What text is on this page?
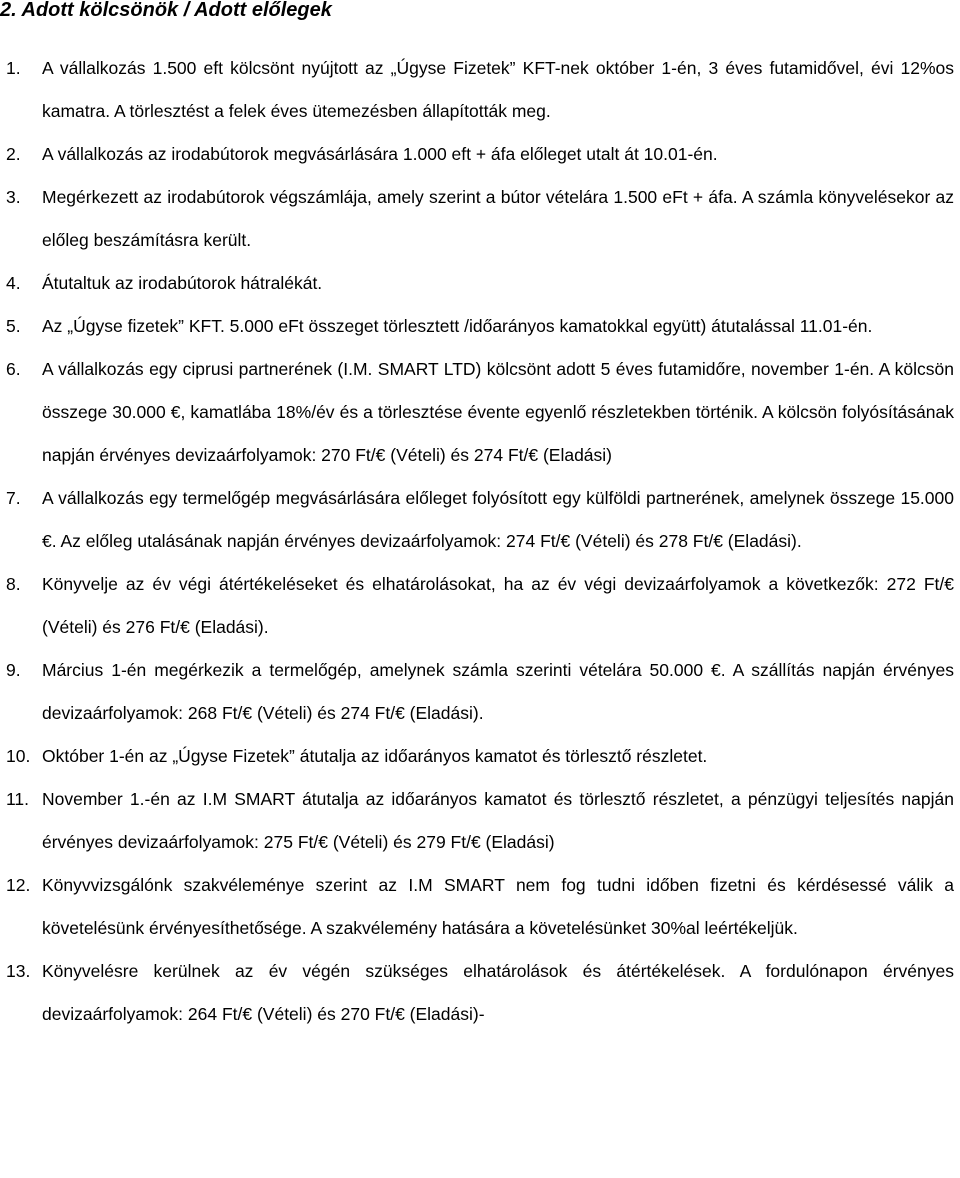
2. Adott kölcsönök / Adott előlegek
1.	A vállalkozás 1.500 eft kölcsönt nyújtott az „Úgyse Fizetek” KFT-nek október 1-én, 3 éves futamidővel, évi 12%os kamatra. A törlesztést a felek éves ütemezésben állapították meg.
2.	A vállalkozás az irodabútorok megvásárlására 1.000 eft + áfa előleget utalt át 10.01-én.
3.	Megérkezett az irodabútorok végszámlája, amely szerint a bútor vételára 1.500 eFt + áfa. A számla könyvelésekor az előleg beszámításra került.
4.	Átutaltuk az irodabútorok hátralékát.
5.	Az „Úgyse fizetek” KFT. 5.000 eFt összeget törlesztett /időarányos kamatokkal együtt) átutalással 11.01-én.
6.	A vállalkozás egy ciprusi partnerének (I.M. SMART LTD) kölcsönt adott 5 éves futamidőre, november 1-én. A kölcsön összege 30.000 €, kamatlába 18%/év és a törlesztése évente egyenlő részletekben történik. A kölcsön folyósításának napján érvényes devizaárfolyamok: 270 Ft/€ (Vételi) és 274 Ft/€ (Eladási)
7.	A vállalkozás egy termelőgép megvásárlására előleget folyósított egy külföldi partnerének, amelynek összege 15.000 €. Az előleg utalásának napján érvényes devizaárfolyamok: 274 Ft/€ (Vételi) és 278 Ft/€ (Eladási).
8.	Könyvelje az év végi átértékeléseket és elhatárolásokat, ha az év végi devizaárfolyamok a következők: 272 Ft/€ (Vételi) és 276 Ft/€ (Eladási).
9.	Március 1-én megérkezik a termelőgép, amelynek számla szerinti vételára 50.000 €. A szállítás napján érvényes devizaárfolyamok: 268 Ft/€ (Vételi) és 274 Ft/€ (Eladási).
10. Október 1-én az „Úgyse Fizetek” átutalja az időarányos kamatot és törlesztő részletet.
11. November 1.-én az I.M SMART átutalja az időarányos kamatot és törlesztő részletet, a pénzügyi teljesítés napján érvényes devizaárfolyamok: 275 Ft/€ (Vételi) és 279 Ft/€ (Eladási)
12. Könyvvizsgálónk szakvéleménye szerint az I.M SMART nem fog tudni időben fizetni és kérdésessé válik a követelésünk érvényesíthetősége. A szakvélemény hatására a követelésünket 30%al leértékeljük.
13. Könyvelésre kerülnek az év végén szükséges elhatárolások és átértékelések. A fordulónapon érvényes devizaárfolyamok: 264 Ft/€ (Vételi) és 270 Ft/€ (Eladási)-
